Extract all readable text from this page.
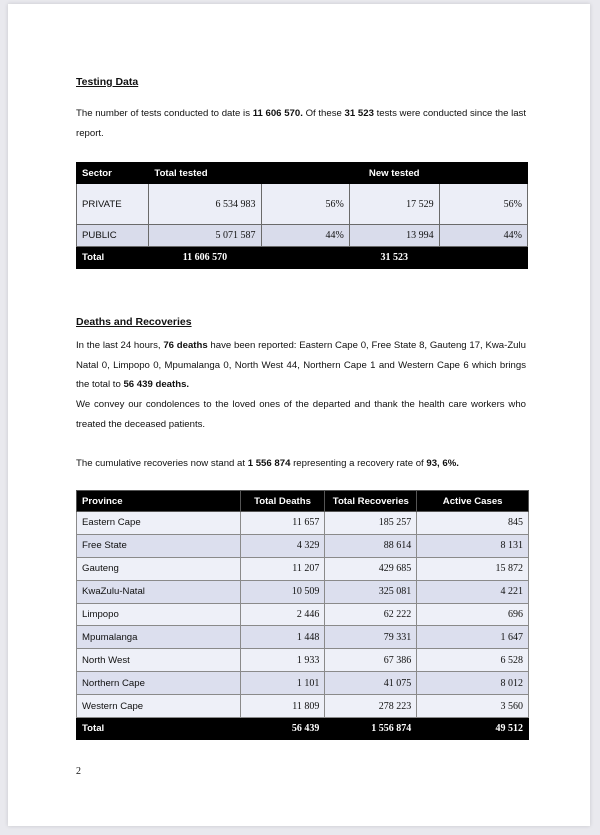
Testing Data
The number of tests conducted to date is 11 606 570. Of these 31 523 tests were conducted since the last report.
Sector	Total tested		New tested	
PRIVATE	6 534 983	56%	17 529	56%
PUBLIC	5 071 587	44%	13 994	44%
Total	11 606 570		31 523	
Deaths and Recoveries
In the last 24 hours, 76 deaths have been reported: Eastern Cape 0, Free State 8, Gauteng 17, Kwa-Zulu Natal 0, Limpopo 0, Mpumalanga 0, North West 44, Northern Cape 1 and Western Cape 6 which brings the total to 56 439 deaths.
We convey our condolences to the loved ones of the departed and thank the health care workers who treated the deceased patients.
The cumulative recoveries now stand at 1 556 874 representing a recovery rate of 93, 6%.
Province	Total Deaths	Total Recoveries	Active Cases
Eastern Cape	11 657	185 257	845
Free State	4 329	88 614	8 131
Gauteng	11 207	429 685	15 872
KwaZulu-Natal	10 509	325 081	4 221
Limpopo	2 446	62 222	696
Mpumalanga	1 448	79 331	1 647
North West	1 933	67 386	6 528
Northern Cape	1 101	41 075	8 012
Western Cape	11 809	278 223	3 560
Total	56 439	1 556 874	49 512
2
